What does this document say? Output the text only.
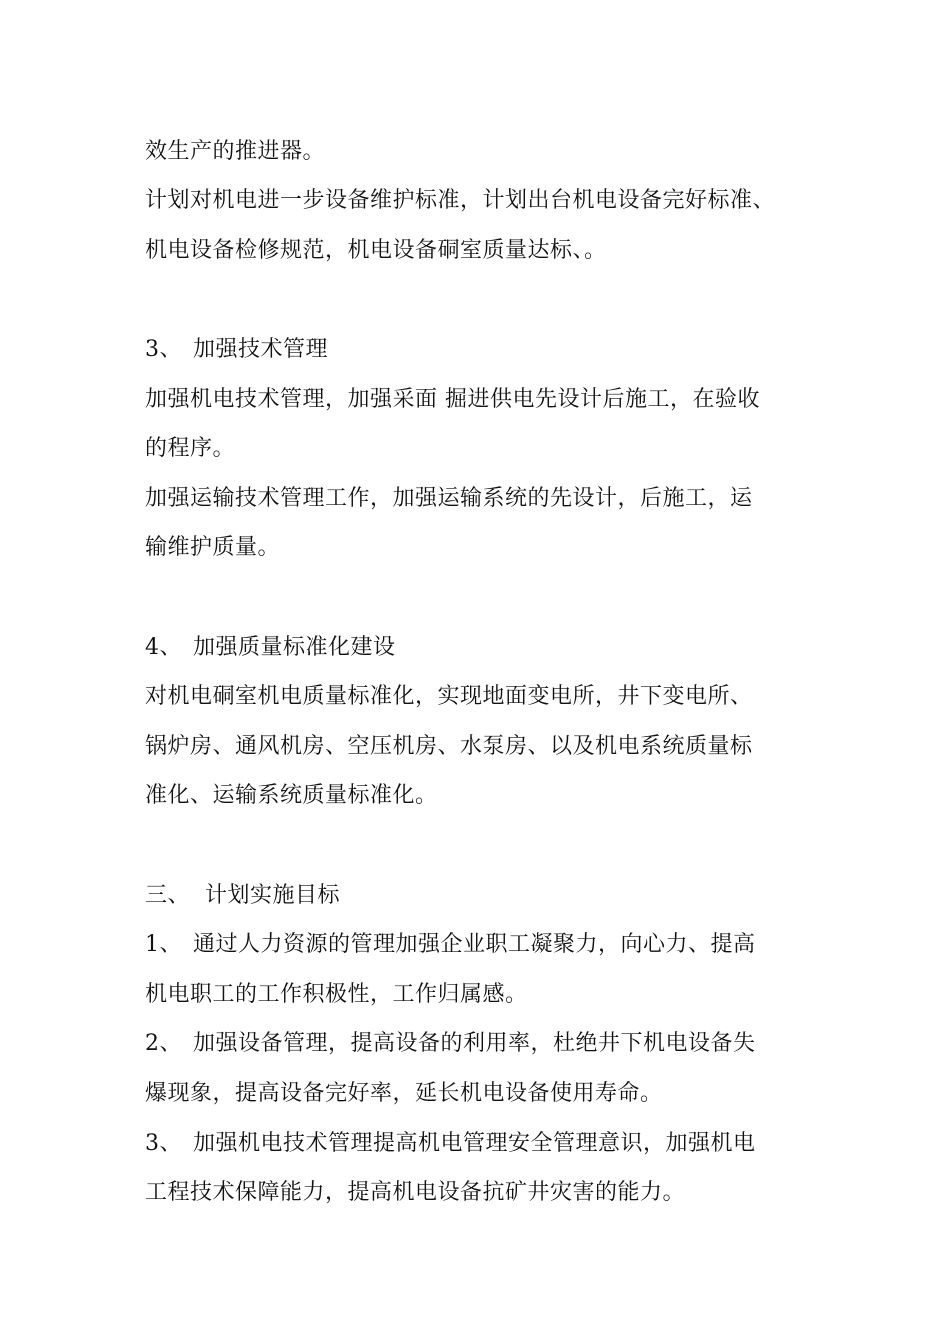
效生产的推进器。
计划对机电进一步设备维护标准，计划出台机电设备完好标准、
机电设备检修规范，机电设备硐室质量达标、。
3、 加强技术管理
加强机电技术管理，加强采面 掘进供电先设计后施工，在验收
的程序。
加强运输技术管理工作，加强运输系统的先设计，后施工，运
输维护质量。
4、 加强质量标准化建设
对机电硐室机电质量标准化，实现地面变电所，井下变电所、
锅炉房、通风机房、空压机房、水泵房、以及机电系统质量标
准化、运输系统质量标准化。
三、 计划实施目标
1、 通过人力资源的管理加强企业职工凝聚力，向心力、提高
机电职工的工作积极性，工作归属感。
2、 加强设备管理，提高设备的利用率，杜绝井下机电设备失
爆现象，提高设备完好率，延长机电设备使用寿命。
3、 加强机电技术管理提高机电管理安全管理意识，加强机电
工程技术保障能力，提高机电设备抗矿井灾害的能力。
